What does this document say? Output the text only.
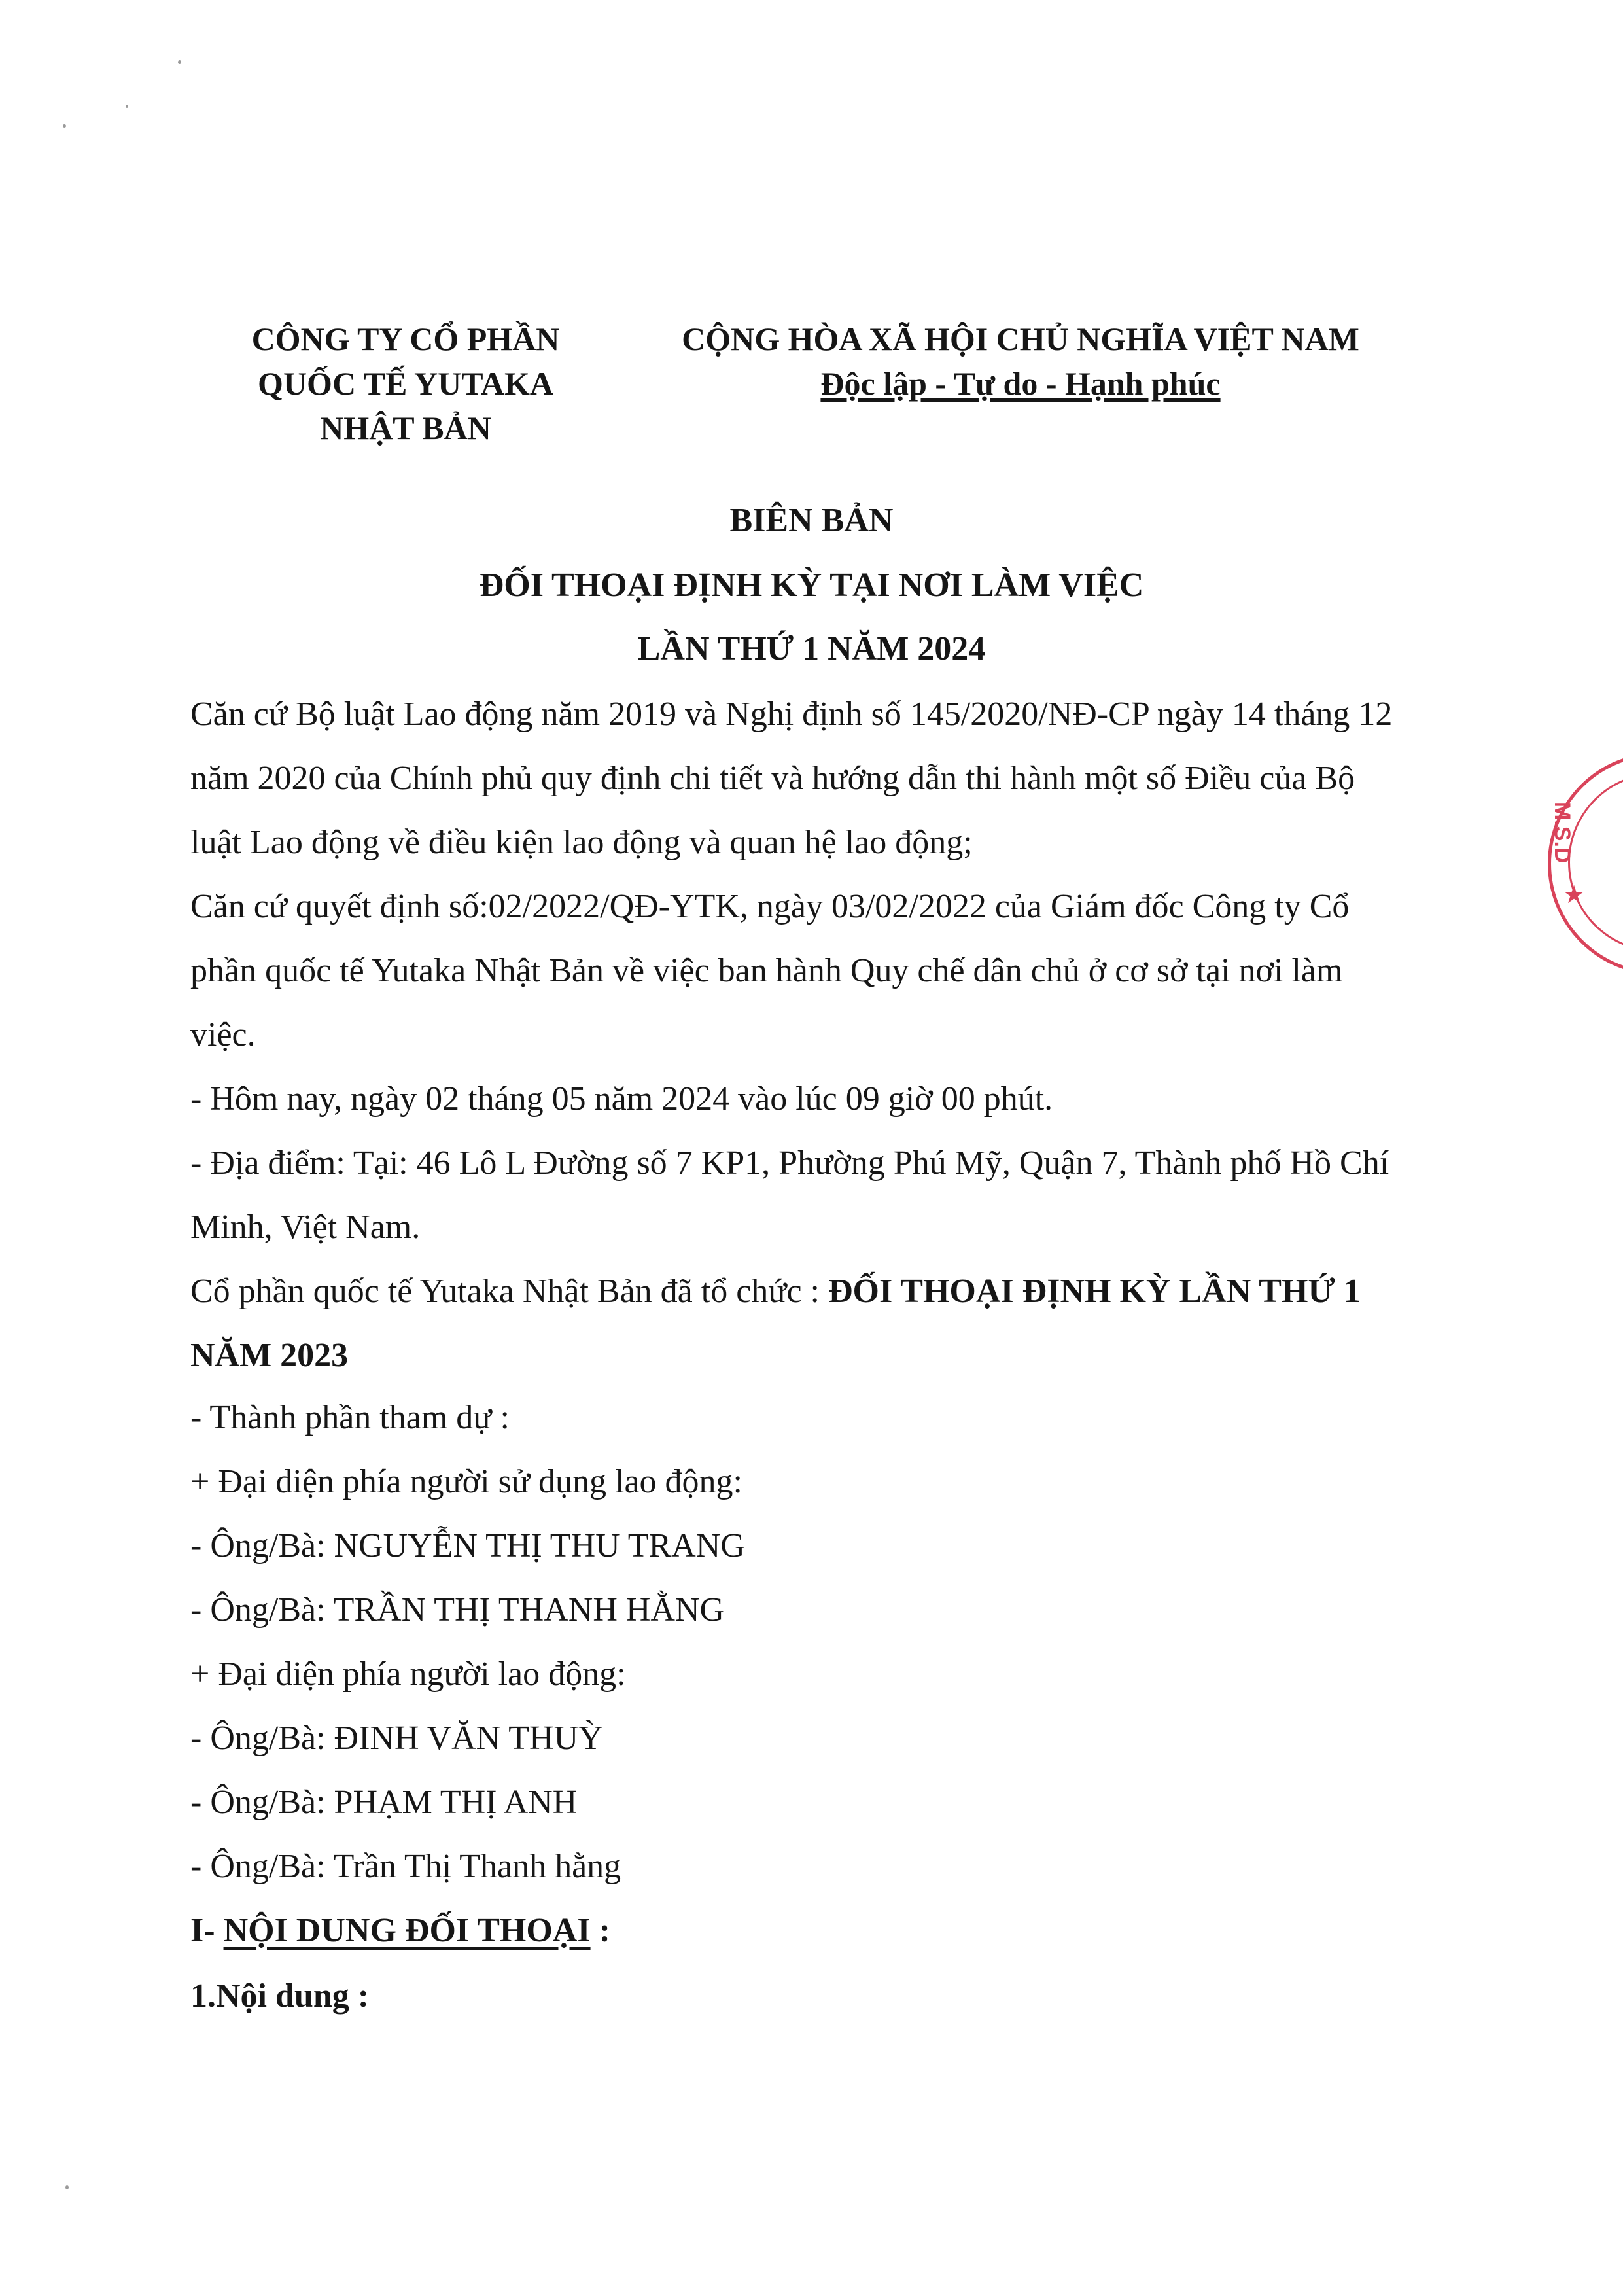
CÔNG TY CỔ PHẦN
QUỐC TẾ YUTAKA
NHẬT BẢN
CỘNG HÒA XÃ HỘI CHỦ NGHĨA VIỆT NAM
Độc lập - Tự do - Hạnh phúc
BIÊN BẢN
ĐỐI THOẠI ĐỊNH KỲ TẠI NƠI LÀM VIỆC
LẦN THỨ 1 NĂM 2024
Căn cứ Bộ luật Lao động năm 2019 và Nghị định số 145/2020/NĐ-CP ngày 14 tháng 12 năm 2020 của Chính phủ quy định chi tiết và hướng dẫn thi hành một số Điều của Bộ luật Lao động về điều kiện lao động và quan hệ lao động;
Căn cứ quyết định số:02/2022/QĐ-YTK, ngày 03/02/2022 của Giám đốc Công ty Cổ phần quốc tế Yutaka Nhật Bản về việc ban hành Quy chế dân chủ ở cơ sở tại nơi làm việc.
- Hôm nay, ngày 02 tháng 05 năm 2024 vào lúc 09 giờ 00 phút.
- Địa điểm: Tại: 46 Lô L Đường số 7 KP1, Phường Phú Mỹ, Quận 7, Thành phố Hồ Chí Minh, Việt Nam.
Cổ phần quốc tế Yutaka Nhật Bản đã tổ chức : ĐỐI THOẠI ĐỊNH KỲ LẦN THỨ 1 NĂM 2023
- Thành phần tham dự :
+ Đại diện phía người sử dụng lao động:
- Ông/Bà: NGUYỄN THỊ THU TRANG
- Ông/Bà: TRẦN THỊ THANH HẰNG
+ Đại diện phía người lao động:
- Ông/Bà: ĐINH VĂN THUỲ
- Ông/Bà: PHẠM THỊ ANH
- Ông/Bà: Trần Thị Thanh hằng
I- NỘI DUNG ĐỐI THOẠI :
1.Nội dung :
M.S.D
★
